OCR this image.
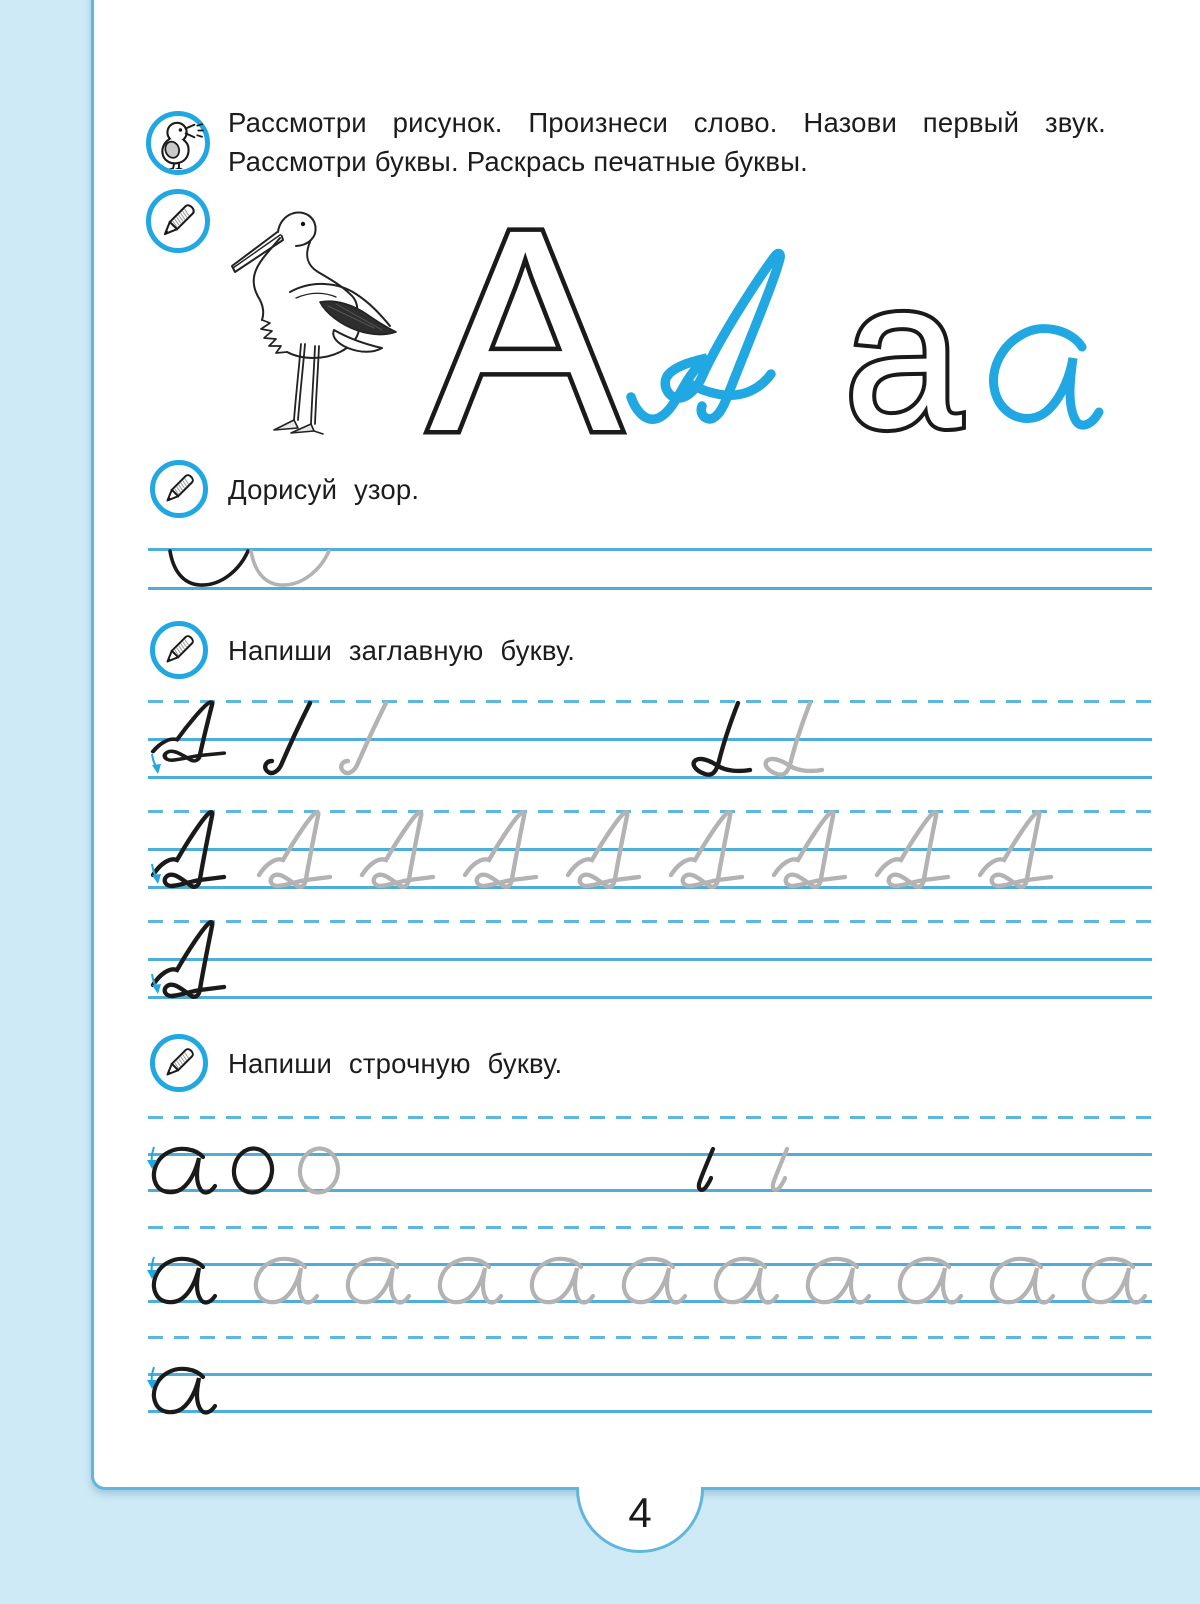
Рассмотри рисунок. Произнеси слово. Назови первый звук.
Рассмотри буквы. Раскрась печатные буквы.
А а
Дорисуй узор.
Напиши заглавную букву.
Напиши строчную букву.
4
